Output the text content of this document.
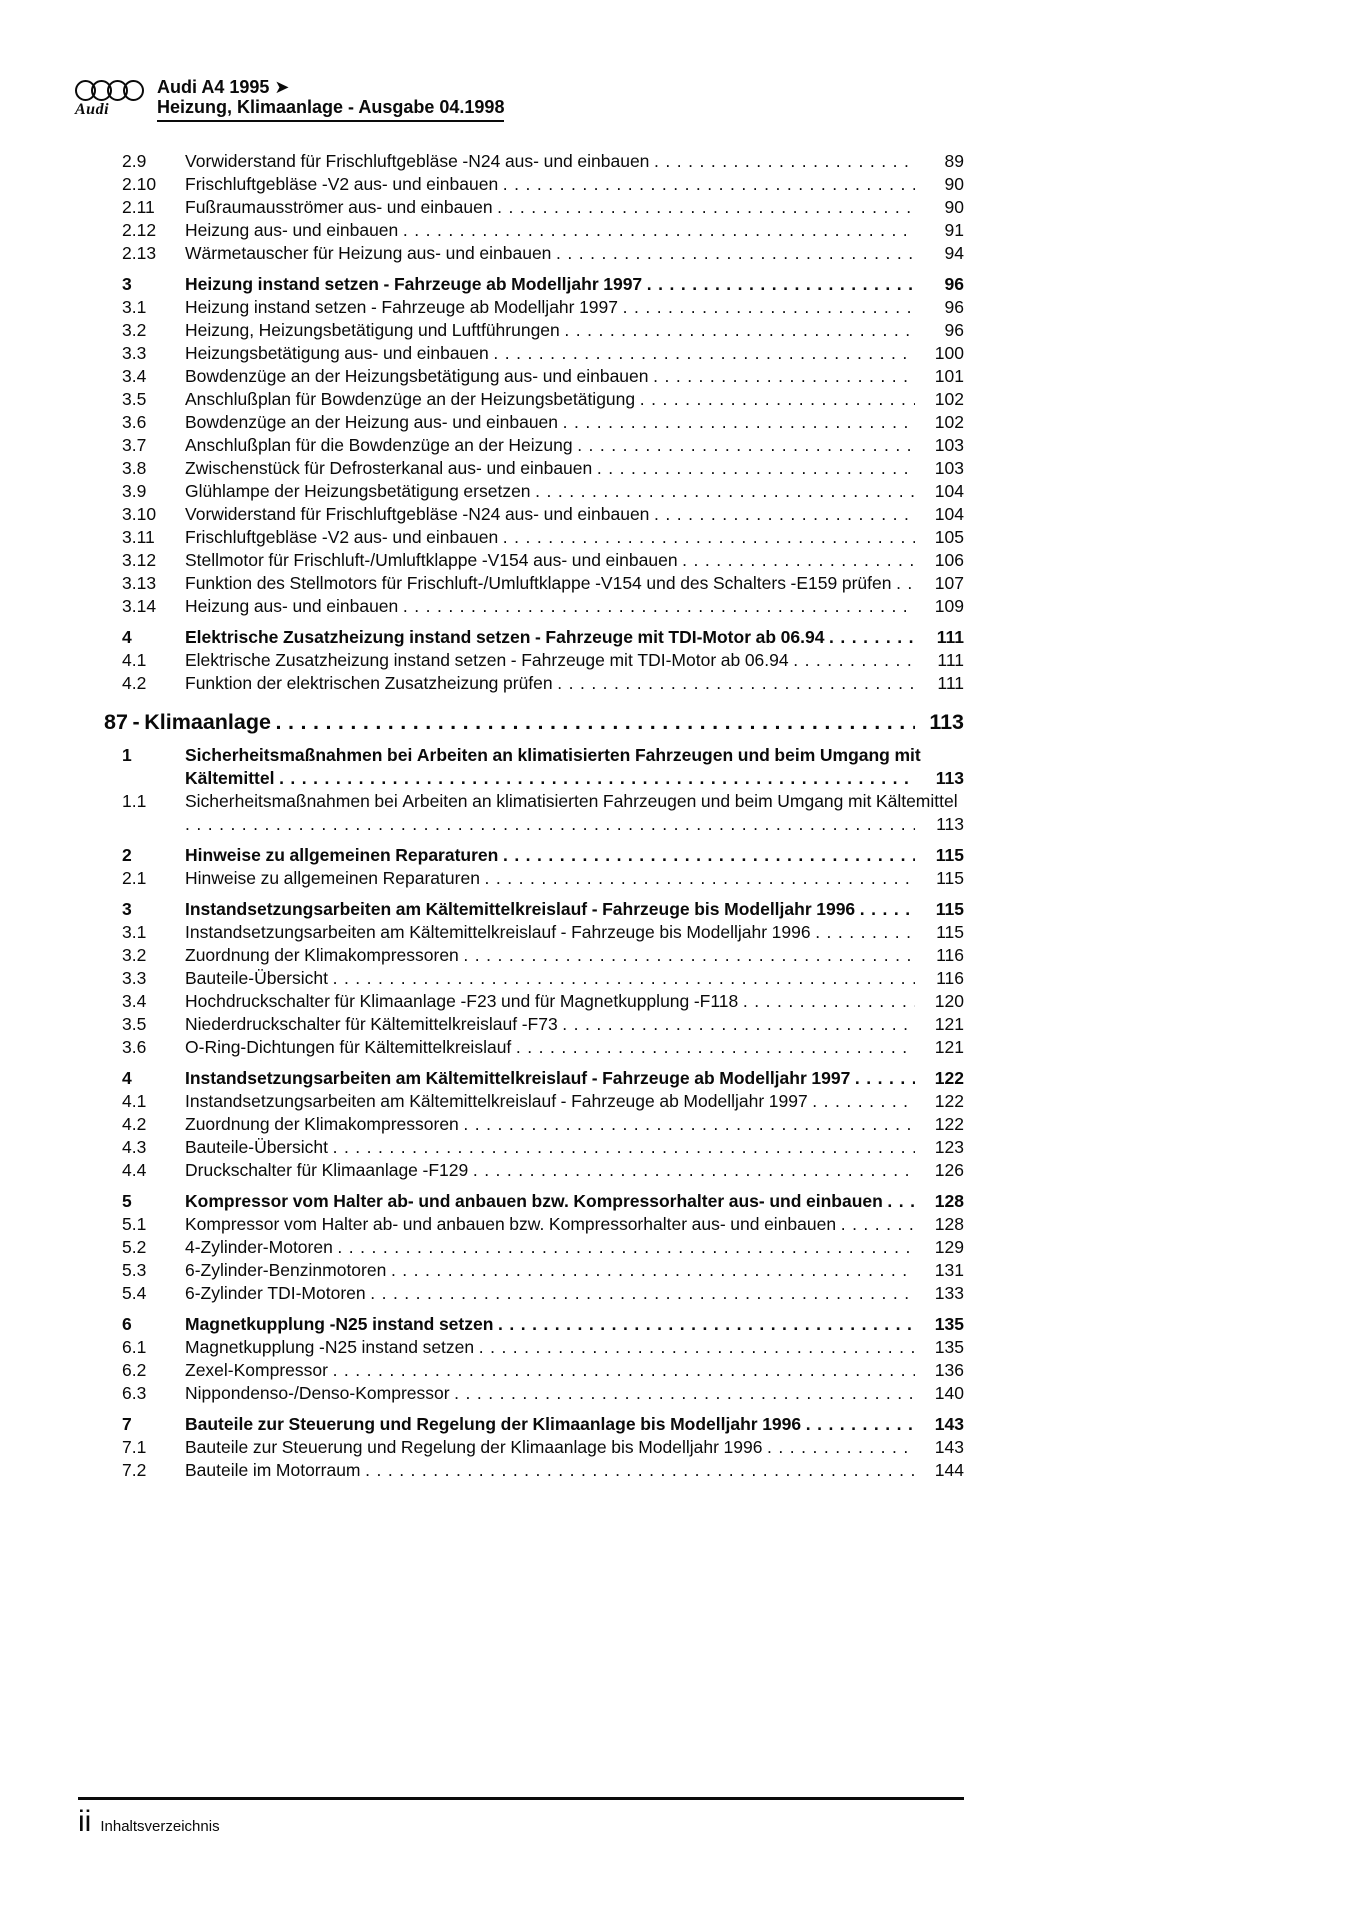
Audi
Audi A4 1995 ➤
Heizung, Klimaanlage - Ausgabe 04.1998
2.9	Vorwiderstand für Frischluftgebläse -N24 aus- und einbauen .....	89
2.10	Frischluftgebläse -V2 aus- und einbauen .....	90
2.11	Fußraumausströmer aus- und einbauen .....	90
2.12	Heizung aus- und einbauen .....	91
2.13	Wärmetauscher für Heizung aus- und einbauen .....	94
3	Heizung instand setzen - Fahrzeuge ab Modelljahr 1997 .....	96
3.1	Heizung instand setzen - Fahrzeuge ab Modelljahr 1997 .....	96
3.2	Heizung, Heizungsbetätigung und Luftführungen .....	96
3.3	Heizungsbetätigung aus- und einbauen .....	100
3.4	Bowdenzüge an der Heizungsbetätigung aus- und einbauen .....	101
3.5	Anschlußplan für Bowdenzüge an der Heizungsbetätigung .....	102
3.6	Bowdenzüge an der Heizung aus- und einbauen .....	102
3.7	Anschlußplan für die Bowdenzüge an der Heizung .....	103
3.8	Zwischenstück für Defrosterkanal aus- und einbauen .....	103
3.9	Glühlampe der Heizungsbetätigung ersetzen .....	104
3.10	Vorwiderstand für Frischluftgebläse -N24 aus- und einbauen .....	104
3.11	Frischluftgebläse -V2 aus- und einbauen .....	105
3.12	Stellmotor für Frischluft-/Umluftklappe -V154 aus- und einbauen .....	106
3.13	Funktion des Stellmotors für Frischluft-/Umluftklappe -V154 und des Schalters -E159 prüfen .....	107
3.14	Heizung aus- und einbauen .....	109
4	Elektrische Zusatzheizung instand setzen - Fahrzeuge mit TDI-Motor ab 06.94 .....	111
4.1	Elektrische Zusatzheizung instand setzen - Fahrzeuge mit TDI-Motor ab 06.94
.....	111
4.2	Funktion der elektrischen Zusatzheizung prüfen .....	111
87 - Klimaanlage .....	113
1	Sicherheitsmaßnahmen bei Arbeiten an klimatisierten Fahrzeugen und beim Umgang mit
Kältemittel .....	113
1.1	Sicherheitsmaßnahmen bei Arbeiten an klimatisierten Fahrzeugen und beim Umgang mit Kältemittel
.....
113
2	Hinweise zu allgemeinen Reparaturen .....	115
2.1	Hinweise zu allgemeinen Reparaturen .....	115
3	Instandsetzungsarbeiten am Kältemittelkreislauf - Fahrzeuge bis Modelljahr 1996 .....	115
3.1	Instandsetzungsarbeiten am Kältemittelkreislauf - Fahrzeuge bis Modelljahr 1996
.....	115
3.2	Zuordnung der Klimakompressoren .....	116
3.3	Bauteile-Übersicht .....	116
3.4	Hochdruckschalter für Klimaanlage -F23 und für Magnetkupplung -F118 .....	120
3.5	Niederdruckschalter für Kältemittelkreislauf -F73 .....	121
3.6	O-Ring-Dichtungen für Kältemittelkreislauf .....	121
4	Instandsetzungsarbeiten am Kältemittelkreislauf - Fahrzeuge ab Modelljahr 1997 .....	122
4.1	Instandsetzungsarbeiten am Kältemittelkreislauf - Fahrzeuge ab Modelljahr 1997
.....	122
4.2	Zuordnung der Klimakompressoren .....	122
4.3	Bauteile-Übersicht .....	123
4.4	Druckschalter für Klimaanlage -F129 .....	126
5	Kompressor vom Halter ab- und anbauen bzw. Kompressorhalter aus- und einbauen .....	128
5.1	Kompressor vom Halter ab- und anbauen bzw. Kompressorhalter aus- und einbauen .....	128
5.2	4-Zylinder-Motoren .....	129
5.3	6-Zylinder-Benzinmotoren .....	131
5.4	6-Zylinder TDI-Motoren .....	133
6	Magnetkupplung -N25 instand setzen .....	135
6.1	Magnetkupplung -N25 instand setzen .....	135
6.2	Zexel-Kompressor .....	136
6.3	Nippondenso-/Denso-Kompressor .....	140
7	Bauteile zur Steuerung und Regelung der Klimaanlage bis Modelljahr 1996
.....	143
7.1	Bauteile zur Steuerung und Regelung der Klimaanlage bis Modelljahr 1996 .....	143
7.2	Bauteile im Motorraum .....	144
ii Inhaltsverzeichnis
